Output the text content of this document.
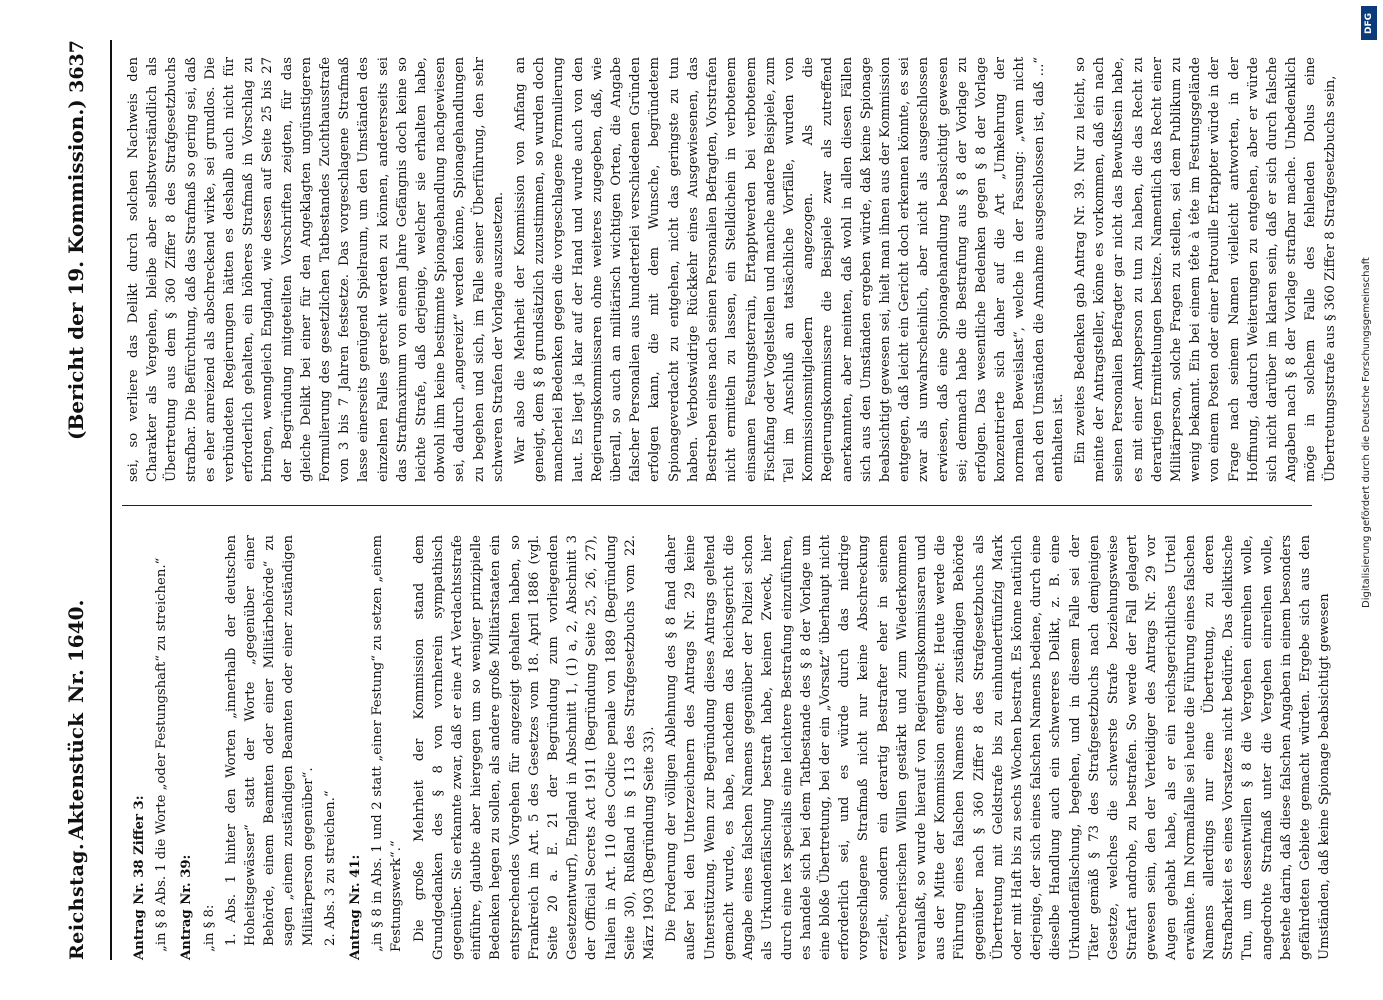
Reichstag.
AktenstückNr. 1640.
(Bericht der 19. Kommission.)
3637

Antrag Nr. 38 Ziffer 3: „in § 8 Abs. 1 die Worte „oder Festungshaft“ zu streichen.“ Antrag Nr. 39: „in § 8: 1. Abs. 1 hinter den Worten „innerhalb der deutschen Hoheitsgewässer“ statt der Worte „gegenüber einer Behörde, einem Beamten oder einer Militärbehörde“ zu sagen „einem zuständigen Beamten oder einer zuständigen Militärperson gegenüber“. 2. Abs. 3 zu streichen.“ Antrag Nr. 41: „in § 8 in Abs. 1 und 2 statt „einer Festung“ zu setzen „einem Festungswerk“.“ Die große Mehrheit der Kommission stand dem Grundgedanken des § 8 von vornherein sympathisch gegenüber. Sie erkannte zwar, daß er eine Art Verdachtsstrafe einführe, glaubte aber hiergegen um so weniger prinzipielle Bedenken hegen zu sollen, als andere große Militärstaaten ein entsprechendes Vorgehen für angezeigt gehalten haben, so Frankreich im Art. 5 des Gesetzes vom 18. April 1886 (vgl. Seite 20 a. E. 21 der Begründung zum vorliegenden Gesetzentwurf), England in Abschnitt 1, (1) a, 2, Abschnitt 3 der Official Secrets Act 1911 (Begründung Seite 25, 26, 27), Italien in Art. 110 des Codice penale von 1889 (Begründung Seite 30), Rußland in § 113 des Strafgesetzbuchs vom 22. März 1903 (Begründung Seite 33). Die Forderung der völligen Ablehnung des § 8 fand daher außer bei den Unterzeichnern des Antrags Nr. 29 keine Unterstützung. Wenn zur Begründung dieses Antrags geltend gemacht wurde, es habe, nachdem das Reichsgericht die Angabe eines falschen Namens gegenüber der Polizei schon als Urkundenfälschung bestraft habe, keinen Zweck, hier durch eine lex specialis eine leichtere Bestrafung einzuführen, es handele sich bei dem Tatbestande des § 8 der Vorlage um eine bloße Übertretung, bei der ein „Vorsatz“ überhaupt nicht erforderlich sei, und es würde durch das niedrige vorgeschlagene Strafmaß nicht nur keine Abschreckung erzielt, sondern ein derartig Bestrafter eher in seinem verbrecherischen Willen gestärkt und zum Wiederkommen veranlaßt, so wurde hierauf von Regierungskommissaren und aus der Mitte der Kommission entgegnet: Heute werde die Führung eines falschen Namens der zuständigen Behörde gegenüber nach § 360 Ziffer 8 des Strafgesetzbuchs als Übertretung mit Geldstrafe bis zu einhundertfünfzig Mark oder mit Haft bis zu sechs Wochen bestraft. Es könne natürlich derjenige, der sich eines falschen Namens bediene, durch eine dieselbe Handlung auch ein schwereres Delikt, z. B. eine Urkundenfälschung, begehen, und in diesem Falle sei der Täter gemäß § 73 des Strafgesetzbuchs nach demjenigen Gesetze, welches die schwerste Strafe beziehungsweise Strafart androhe, zu bestrafen. So werde der Fall gelagert gewesen sein, den der Verteidiger des Antrags Nr. 29 vor Augen gehabt habe, als er ein reichsgerichtliches Urteil erwähnte. Im Normalfalle sei heute die Führung eines falschen Namens allerdings nur eine Übertretung, zu deren Strafbarkeit es eines Vorsatzes nicht bedürfe. Das deliktische Tun, um dessentwillen § 8 die Vergehen einreihen wolle, angedrohte Strafmaß unter die Vergehen einreihen wolle, bestehe darin, daß diese falschen Angaben in einem besonders gefährdeten Gebiete gemacht würden. Ergebe sich aus den Umständen, daß keine Spionage beabsichtigt gewesen

sei, so verliere das Delikt durch solchen Nachweis den Charakter als Vergehen, bleibe aber selbstverständlich als Übertretung aus dem § 360 Ziffer 8 des Strafgesetzbuchs strafbar. Die Befürchtung, daß das Strafmaß so gering sei, daß es eher anreizend als abschreckend wirke, sei grundlos. Die verbündeten Regierungen hätten es deshalb auch nicht für erforderlich gehalten, ein höheres Strafmaß in Vorschlag zu bringen, wenngleich England, wie dessen auf Seite 25 bis 27 der Begründung mitgeteilten Vorschriften zeigten, für das gleiche Delikt bei einer für den Angeklagten ungünstigeren Formulierung des gesetzlichen Tatbestandes Zuchthausstrafe von 3 bis 7 Jahren festsetze. Das vorgeschlagene Strafmaß lasse einerseits genügend Spielraum, um den Umständen des einzelnen Falles gerecht werden zu können, andererseits sei das Strafmaximum von einem Jahre Gefängnis doch keine so leichte Strafe, daß derjenige, welcher sie erhalten habe, obwohl ihm keine bestimmte Spionagehandlung nachgewiesen sei, dadurch „angereizt“ werden könne, Spionagehandlungen zu begehen und sich, im Falle seiner Überführung, den sehr schweren Strafen der Vorlage auszusetzen. War also die Mehrheit der Kommission von Anfang an geneigt, dem § 8 grundsätzlich zuzustimmen, so wurden doch mancherlei Bedenken gegen die vorgeschlagene Formulierung laut. Es liegt ja klar auf der Hand und wurde auch von den Regierungskommissaren ohne weiteres zugegeben, daß, wie überall, so auch an militärisch wichtigen Orten, die Angabe falscher Personalien aus hunderterlei verschiedenen Gründen erfolgen kann, die mit dem Wunsche, begründetem Spionageverdacht zu entgehen, nicht das geringste zu tun haben. Verbotswidrige Rückkehr eines Ausgewiesenen, das Bestreben eines nach seinen Personalien Befragten, Vorstrafen nicht ermitteln zu lassen, ein Stelldichein in verbotenem einsamen Festungsterrain, Ertapptwerden bei verbotenem Fischfang oder Vogelstellen und manche andere Beispiele, zum Teil im Anschluß an tatsächliche Vorfälle, wurden von Kommissionsmitgliedern angezogen. Als die Regierungskommissare die Beispiele zwar als zutreffend anerkannten, aber meinten, daß wohl in allen diesen Fällen sich aus den Umständen ergeben würde, daß keine Spionage beabsichtigt gewesen sei, hielt man ihnen aus der Kommission entgegen, daß leicht ein Gericht doch erkennen könnte, es sei zwar als unwahrscheinlich, aber nicht als ausgeschlossen erwiesen, daß eine Spionagehandlung beabsichtigt gewesen sei; demnach habe die Bestrafung aus § 8 der Vorlage zu erfolgen. Das wesentliche Bedenken gegen § 8 der Vorlage konzentrierte sich daher auf die Art „Umkehrung der normalen Beweislast“, welche in der Fassung: „wenn nicht nach den Umständen die Annahme ausgeschlossen ist, daß ...“ enthalten ist. Ein zweites Bedenken gab Antrag Nr. 39. Nur zu leicht, so meinte der Antragsteller, könne es vorkommen, daß ein nach seinen Personalien Befragter gar nicht das Bewußtsein habe, es mit einer Amtsperson zu tun zu haben, die das Recht zu derartigen Ermittelungen besitze. Namentlich das Recht einer Militärperson, solche Fragen zu stellen, sei dem Publikum zu wenig bekannt. Ein bei einem tête à tête im Festungsgelände von einem Posten oder einer Patrouille Ertappter würde in der Frage nach seinem Namen vielleicht antworten, in der Hoffnung, dadurch Weiterungen zu entgehen, aber er würde sich nicht darüber im klaren sein, daß er sich durch falsche Angaben nach § 8 der Vorlage strafbar mache. Unbedenklich möge in solchem Falle des fehlenden Dolus eine Übertretungsstrafe aus § 360 Ziffer 8 Strafgesetzbuchs sein,

DFG
Digitalisierung gefördert durch die Deutsche Forschungsgemeinschaft
